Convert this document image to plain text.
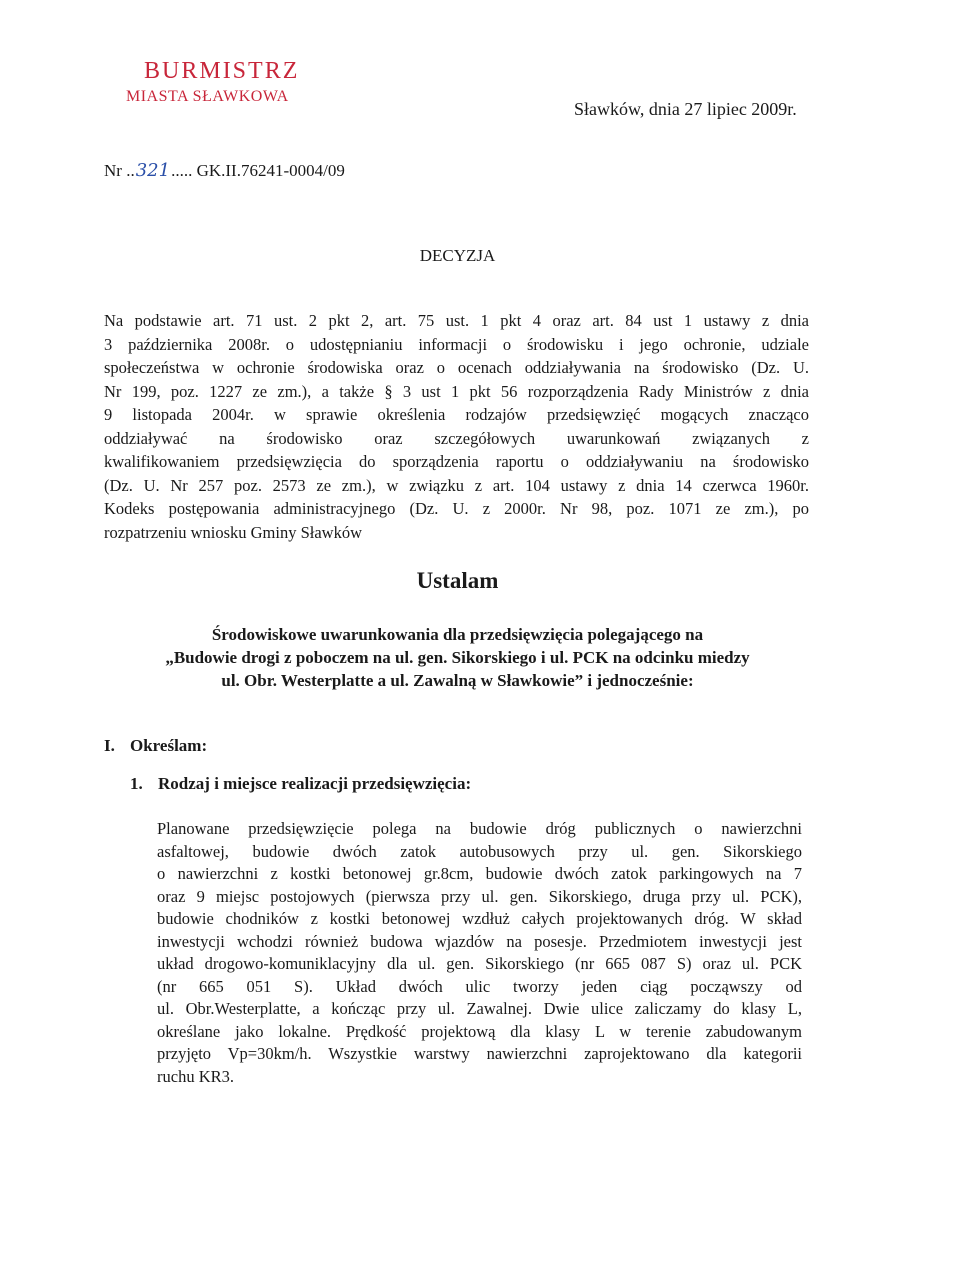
BURMISTRZ
MIASTA SŁAWKOWA
Sławków, dnia 27 lipiec 2009r.
Nr ..321..... GK.II.76241-0004/09
DECYZJA
Na podstawie art. 71 ust. 2 pkt 2, art. 75 ust. 1 pkt 4 oraz art. 84 ust 1 ustawy z dnia
3 października 2008r. o udostępnianiu informacji o środowisku i jego ochronie, udziale
społeczeństwa w ochronie środowiska oraz o ocenach oddziaływania na środowisko (Dz. U.
Nr 199, poz. 1227 ze zm.), a także § 3 ust 1 pkt 56 rozporządzenia Rady Ministrów z dnia
9 listopada 2004r. w sprawie określenia rodzajów przedsięwzięć mogących znacząco
oddziaływać na środowisko oraz szczegółowych uwarunkowań związanych z
kwalifikowaniem przedsięwzięcia do sporządzenia raportu o oddziaływaniu na środowisko
(Dz. U. Nr 257 poz. 2573 ze zm.), w związku z art. 104 ustawy z dnia 14 czerwca 1960r.
Kodeks postępowania administracyjnego (Dz. U. z 2000r. Nr 98, poz. 1071 ze zm.), po
rozpatrzeniu wniosku Gminy Sławków
Ustalam
Środowiskowe uwarunkowania dla przedsięwzięcia polegającego na
„Budowie drogi z poboczem na ul. gen. Sikorskiego i ul. PCK na odcinku miedzy
ul. Obr. Westerplatte a ul. Zawalną w Sławkowie” i jednocześnie:
I. Określam:
1. Rodzaj i miejsce realizacji przedsięwzięcia:
Planowane przedsięwzięcie polega na budowie dróg publicznych o nawierzchni
asfaltowej, budowie dwóch zatok autobusowych przy ul. gen. Sikorskiego
o nawierzchni z kostki betonowej gr.8cm, budowie dwóch zatok parkingowych na 7
oraz 9 miejsc postojowych (pierwsza przy ul. gen. Sikorskiego, druga przy ul. PCK),
budowie chodników z kostki betonowej wzdłuż całych projektowanych dróg. W skład
inwestycji wchodzi również budowa wjazdów na posesje. Przedmiotem inwestycji jest
układ drogowo-komuniklacyjny dla ul. gen. Sikorskiego (nr 665 087 S) oraz ul. PCK
(nr 665 051 S). Układ dwóch ulic tworzy jeden ciąg począwszy od
ul. Obr.Westerplatte, a kończąc przy ul. Zawalnej. Dwie ulice zaliczamy do klasy L,
określane jako lokalne. Prędkość projektową dla klasy L w terenie zabudowanym
przyjęto Vp=30km/h. Wszystkie warstwy nawierzchni zaprojektowano dla kategorii
ruchu KR3.
